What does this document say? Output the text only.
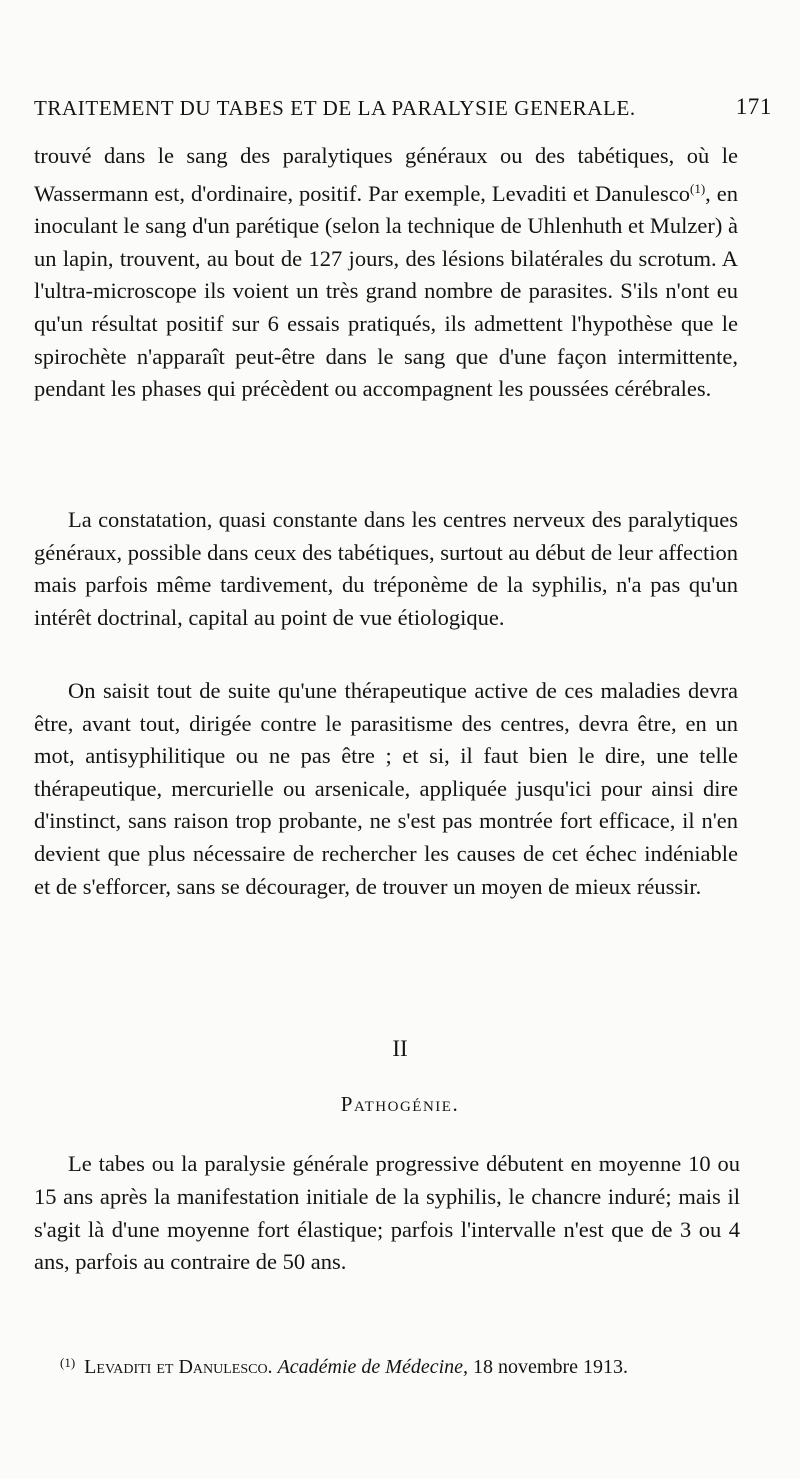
TRAITEMENT DU TABES ET DE LA PARALYSIE GENERALE.	171

trouvé dans le sang des paralytiques généraux ou des tabétiques, où le Wassermann est, d'ordinaire, positif. Par exemple, Levaditi et Danulesco$^{(1)}$, en inoculant le sang d'un parétique (selon la technique de Uhlenhuth et Mulzer) à un lapin, trouvent, au bout de 127 jours, des lésions bilatérales du scrotum. A l'ultra-microscope ils voient un très grand nombre de parasites. S'ils n'ont eu qu'un résultat positif sur 6 essais pratiqués, ils admettent l'hypothèse que le spirochète n'apparaît peut-être dans le sang que d'une façon intermittente, pendant les phases qui précèdent ou accompagnent les poussées cérébrales.

La constatation, quasi constante dans les centres nerveux des paralytiques généraux, possible dans ceux des tabétiques, surtout au début de leur affection mais parfois même tardivement, du tréponème de la syphilis, n'a pas qu'un intérêt doctrinal, capital au point de vue étiologique.

On saisit tout de suite qu'une thérapeutique active de ces maladies devra être, avant tout, dirigée contre le parasitisme des centres, devra être, en un mot, antisyphilitique ou ne pas être ; et si, il faut bien le dire, une telle thérapeutique, mercurielle ou arsenicale, appliquée jusqu'ici pour ainsi dire d'instinct, sans raison trop probante, ne s'est pas montrée fort efficace, il n'en devient que plus nécessaire de rechercher les causes de cet échec indéniable et de s'efforcer, sans se décourager, de trouver un moyen de mieux réussir.

II
Pathogénie.

Le tabes ou la paralysie générale progressive débutent en moyenne 10 ou 15 ans après la manifestation initiale de la syphilis, le chancre induré; mais il s'agit là d'une moyenne fort élastique; parfois l'intervalle n'est que de 3 ou 4 ans, parfois au contraire de 50 ans.

$^{(1)}$ Levaditi et Danulesco. Académie de Médecine, 18 novembre 1913.
